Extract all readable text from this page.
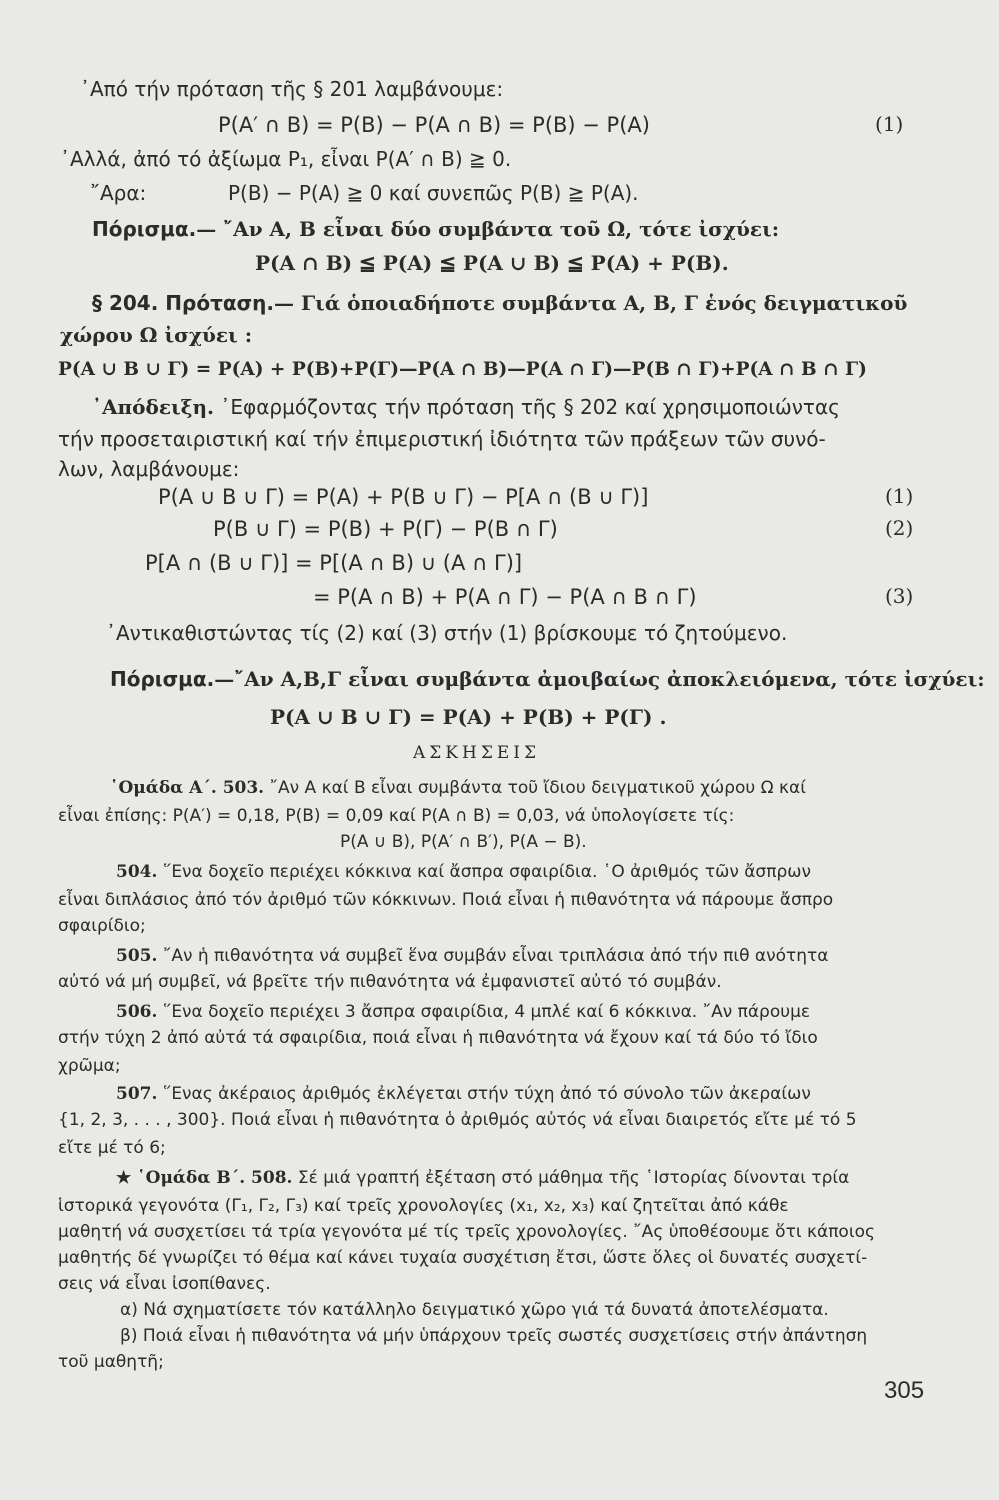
᾽Από τήν πρόταση τῆς § 201 λαμβάνουμε:
P(A′ ∩ B) = P(B) − P(A ∩ B) = P(B) − P(A)	(1)
᾽Αλλά, ἀπό τό ἀξίωμα P₁, εἶναι P(A′ ∩ B) ≧ 0.
῎Αρα:	P(B) − P(A) ≧ 0 καί συνεπῶς P(B) ≧ P(A).
Πόρισμα.— ῎Αν A, B εἶναι δύο συμβάντα τοῦ Ω, τότε ἰσχύει:
P(A ∩ B) ≦ P(A) ≦ P(A ∪ B) ≦ P(A) + P(B).
§ 204. Πρόταση.— Γιά ὁποιαδήποτε συμβάντα A, B, Γ ἑνός δειγματικοῦ
χώρου Ω ἰσχύει :
P(A ∪ B ∪ Γ) = P(A) + P(B)+P(Γ)—P(A ∩ B)—P(A ∩ Γ)—P(B ∩ Γ)+P(A ∩ B ∩ Γ)
᾽Απόδειξη. ᾽Εφαρμόζοντας τήν πρόταση τῆς § 202 καί χρησιμοποιώντας
τήν προσεταιριστική καί τήν ἐπιμεριστική ἰδιότητα τῶν πράξεων τῶν συνό-
λων, λαμβάνουμε:
P(A ∪ B ∪ Γ) = P(A) + P(B ∪ Γ) − P[A ∩ (B ∪ Γ)]	(1)
P(B ∪ Γ) = P(B) + P(Γ) − P(B ∩ Γ)	(2)
P[A ∩ (B ∪ Γ)] = P[(A ∩ B) ∪ (A ∩ Γ)]
= P(A ∩ B) + P(A ∩ Γ) − P(A ∩ B ∩ Γ)	(3)
᾽Αντικαθιστώντας τίς (2) καί (3) στήν (1) βρίσκουμε τό ζητούμενο.
Πόρισμα.—῎Αν A,B,Γ εἶναι συμβάντα ἀμοιβαίως ἀποκλειόμενα, τότε ἰσχύει:
P(A ∪ B ∪ Γ) = P(A) + P(B) + P(Γ) .
ΑΣΚΗΣΕΙΣ
῾Ομάδα Α΄. 503. ῎Αν A καί B εἶναι συμβάντα τοῦ ἴδιου δειγματικοῦ χώρου Ω καί
εἶναι ἐπίσης: P(A′) = 0,18, P(B) = 0,09 καί P(A ∩ B) = 0,03, νά ὑπολογίσετε τίς:
P(A ∪ B), P(A′ ∩ B′), P(A − B).
504. ῞Ενα δοχεῖο περιέχει κόκκινα καί ἄσπρα σφαιρίδια. ῾Ο ἀριθμός τῶν ἄσπρων
εἶναι διπλάσιος ἀπό τόν ἀριθμό τῶν κόκκινων. Ποιά εἶναι ἡ πιθανότητα νά πάρουμε ἄσπρο
σφαιρίδιο;
505. ῎Αν ἡ πιθανότητα νά συμβεῖ ἕνα συμβάν εἶναι τριπλάσια ἀπό τήν πιθ ανότητα
αὐτό νά μή συμβεῖ, νά βρεῖτε τήν πιθανότητα νά ἐμφανιστεῖ αὐτό τό συμβάν.
506. ῞Ενα δοχεῖο περιέχει 3 ἄσπρα σφαιρίδια, 4 μπλέ καί 6 κόκκινα. ῎Αν πάρουμε
στήν τύχη 2 ἀπό αὐτά τά σφαιρίδια, ποιά εἶναι ἡ πιθανότητα νά ἔχουν καί τά δύο τό ἴδιο
χρῶμα;
507. ῞Ενας ἀκέραιος ἀριθμός ἐκλέγεται στήν τύχη ἀπό τό σύνολο τῶν ἀκεραίων
{1, 2, 3, . . . , 300}. Ποιά εἶναι ἡ πιθανότητα ὁ ἀριθμός αὐτός νά εἶναι διαιρετός εἴτε μέ τό 5
εἴτε μέ τό 6;
★ ῾Ομάδα Β΄. 508. Σέ μιά γραπτή ἐξέταση στό μάθημα τῆς ῾Ιστορίας δίνονται τρία
ἱστορικά γεγονότα (Γ₁, Γ₂, Γ₃) καί τρεῖς χρονολογίες (x₁, x₂, x₃) καί ζητεῖται ἀπό κάθε
μαθητή νά συσχετίσει τά τρία γεγονότα μέ τίς τρεῖς χρονολογίες. ῎Ας ὑποθέσουμε ὅτι κάποιος
μαθητής δέ γνωρίζει τό θέμα καί κάνει τυχαία συσχέτιση ἔτσι, ὥστε ὅλες οἱ δυνατές συσχετί-
σεις νά εἶναι ἰσοπίθανες.
α) Νά σχηματίσετε τόν κατάλληλο δειγματικό χῶρο γιά τά δυνατά ἀποτελέσματα.
β) Ποιά εἶναι ἡ πιθανότητα νά μήν ὑπάρχουν τρεῖς σωστές συσχετίσεις στήν ἀπάντηση
τοῦ μαθητῆ;
305
